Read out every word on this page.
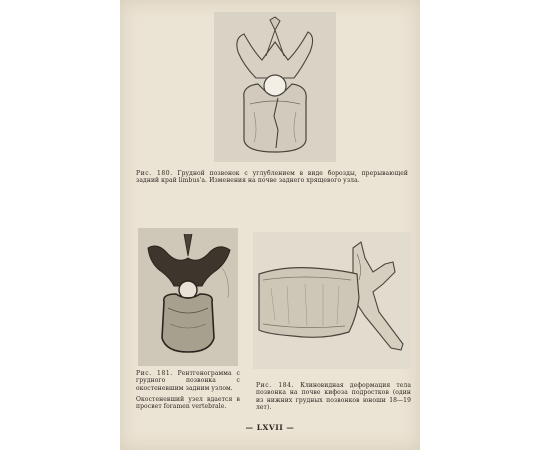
Рис. 180. Грудной позвонок с углублением в виде борозды, прерывающей задний край limbus'a. Изменения на почве заднего хрящевого узла.
Рис. 181. Рентгенограмма с грудного позвонка с окостеневшим задним узлом.
Окостеневший узел вдается в просвет foramen vertebrale.
Рис. 184. Клиновидная деформация тела позвонка на почве кифоза подростков (один из нижних грудных позвонков юноши 18—19 лет).
— LXVII —
